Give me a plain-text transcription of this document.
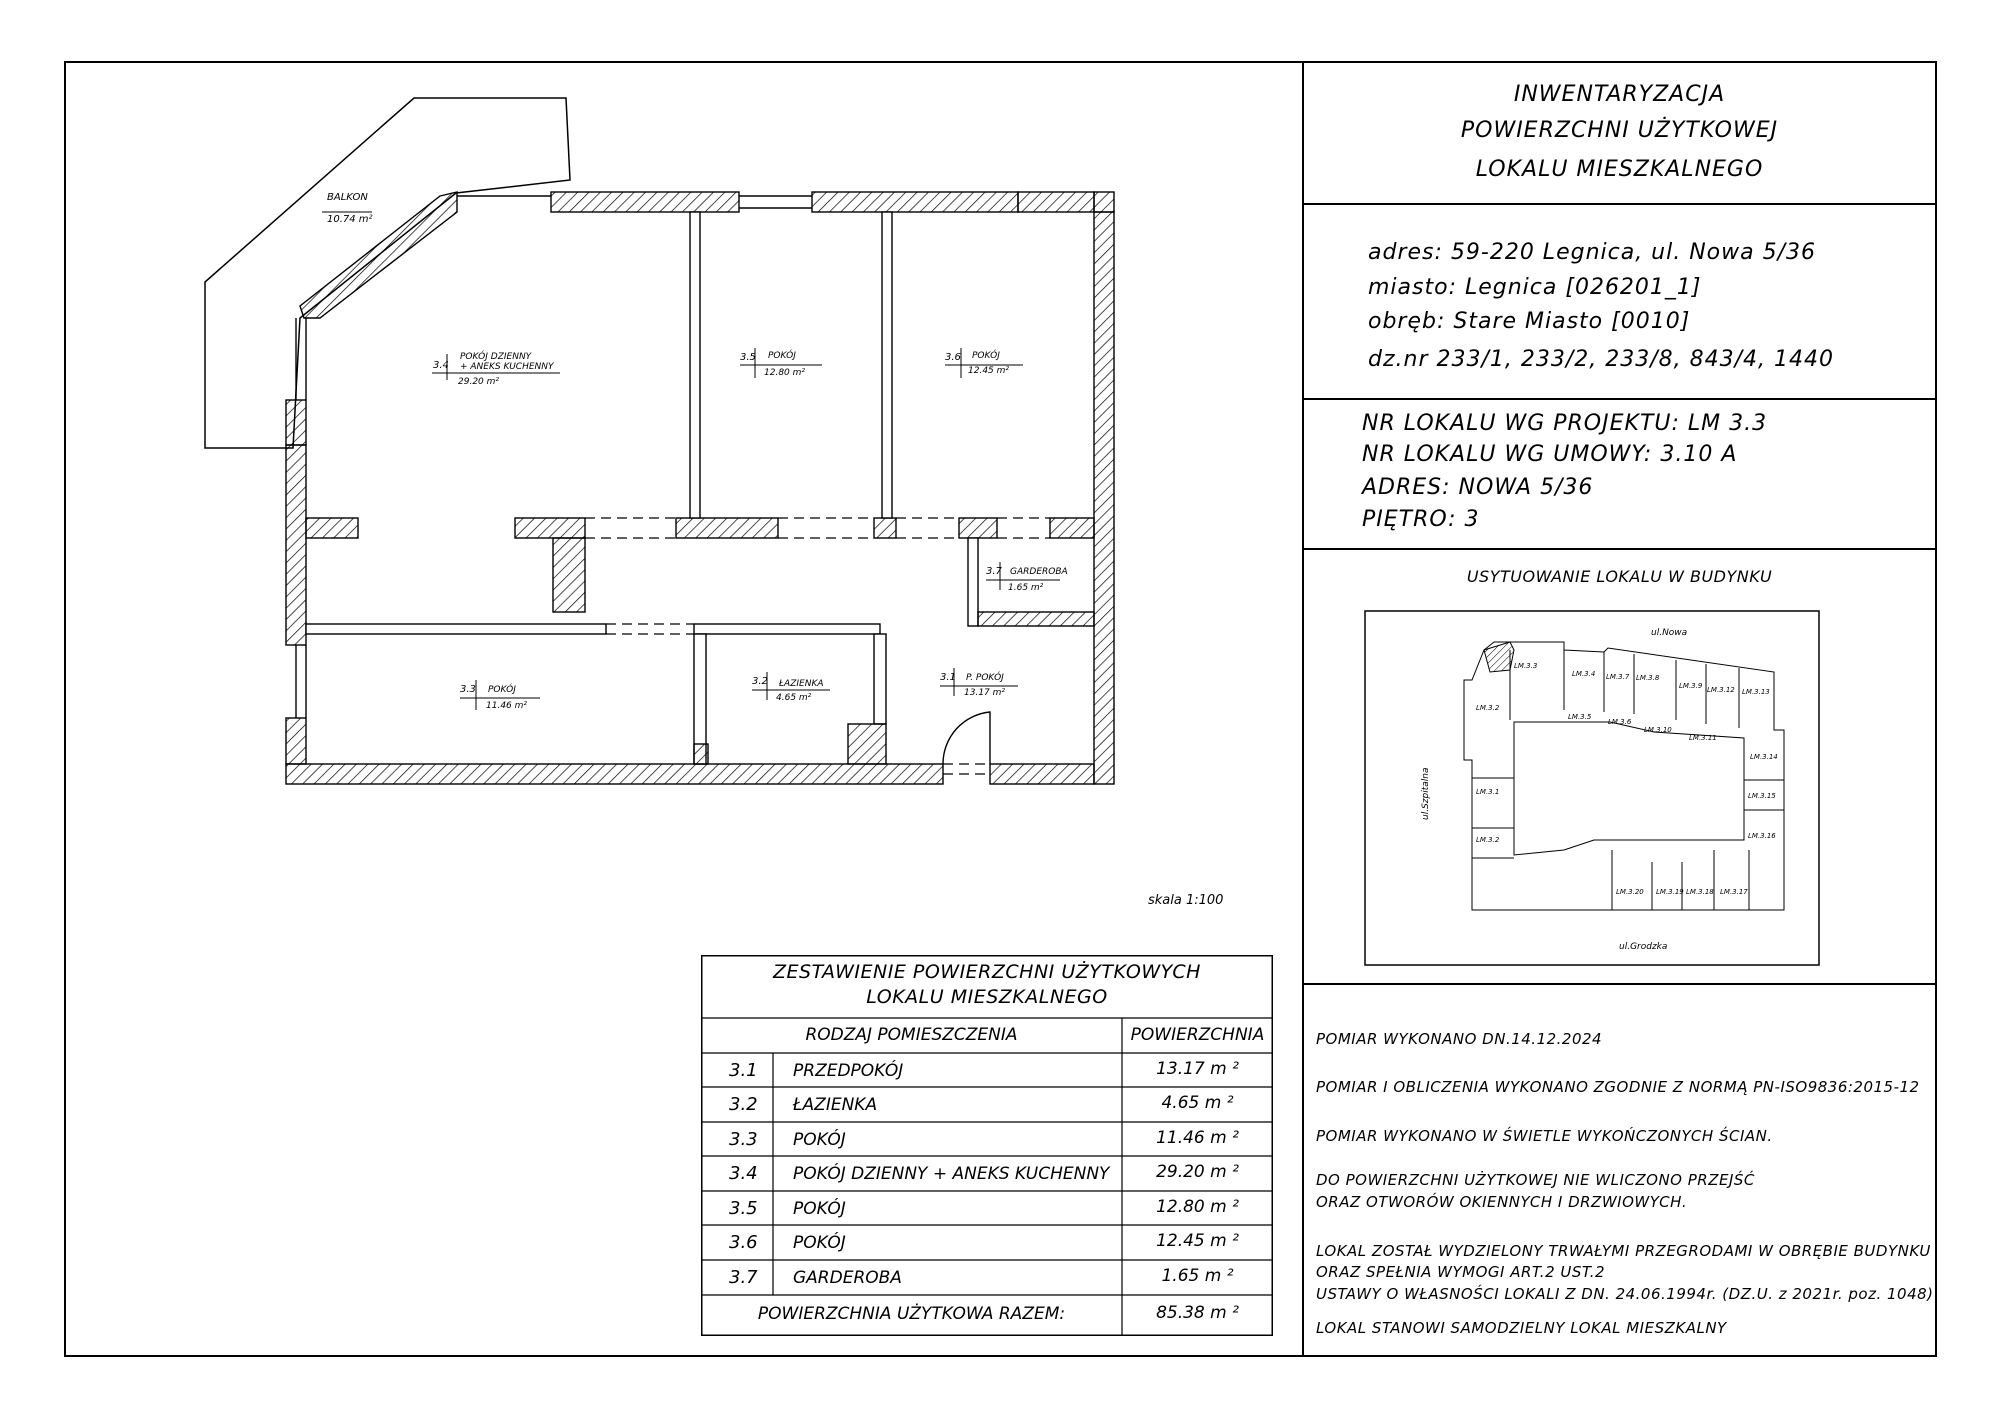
INWENTARYZACJA
POWIERZCHNI UŻYTKOWEJ
LOKALU MIESZKALNEGO
adres: 59-220 Legnica, ul. Nowa 5/36
miasto: Legnica [026201_1]
obręb: Stare Miasto [0010]
dz.nr 233/1, 233/2, 233/8, 843/4, 1440
NR LOKALU WG PROJEKTU: LM 3.3
NR LOKALU WG UMOWY: 3.10 A
ADRES: NOWA 5/36
PIĘTRO: 3
USYTUOWANIE LOKALU W BUDYNKU
POMIAR WYKONANO DN.14.12.2024
POMIAR I OBLICZENIA WYKONANO ZGODNIE Z NORMĄ PN-ISO9836:2015-12
POMIAR WYKONANO W ŚWIETLE WYKOŃCZONYCH ŚCIAN.
DO POWIERZCHNI UŻYTKOWEJ NIE WLICZONO PRZEJŚĆ
ORAZ OTWORÓW OKIENNYCH I DRZWIOWYCH.
LOKAL ZOSTAŁ WYDZIELONY TRWAŁYMI PRZEGRODAMI W OBRĘBIE BUDYNKU
ORAZ SPEŁNIA WYMOGI ART.2 UST.2
USTAWY O WŁASNOŚCI LOKALI Z DN. 24.06.1994r. (DZ.U. z 2021r. poz. 1048)
LOKAL STANOWI SAMODZIELNY LOKAL MIESZKALNY
skala 1:100
BALKON
10.74 m²
3.4
POKÓJ DZIENNY
+ ANEKS KUCHENNY
29.20 m²
3.5 POKÓJ
12.80 m²
3.6 POKÓJ
12.45 m²
3.7 GARDEROBA
1.65 m²
3.3 POKÓJ
11.46 m²
3.2 ŁAZIENKA
4.65 m²
3.1 P. POKÓJ
13.17 m²
ul.Nowa
ul.Szpitalna
ul.Grodzka
LM.3.3
LM.3.4 LM.3.7 LM.3.8
LM.3.9 LM.3.12 LM.3.13
LM.3.2
LM.3.5
LM.3.6
LM.3.10
LM.3.11
LM.3.14
LM.3.1
LM.3.2
LM.3.15
LM.3.16
LM.3.20 LM.3.19 LM.3.18 LM.3.17
ZESTAWIENIE POWIERZCHNI UŻYTKOWYCH
LOKALU MIESZKALNEGO
RODZAJ POMIESZCZENIA	POWIERZCHNIA
3.1 PRZEDPOKÓJ	13.17 m ²
3.2 ŁAZIENKA	4.65 m ²
3.3 POKÓJ	11.46 m ²
3.4 POKÓJ DZIENNY + ANEKS KUCHENNY	29.20 m ²
3.5 POKÓJ	12.80 m ²
3.6 POKÓJ	12.45 m ²
3.7 GARDEROBA	1.65 m ²
POWIERZCHNIA UŻYTKOWA RAZEM:	85.38 m ²
